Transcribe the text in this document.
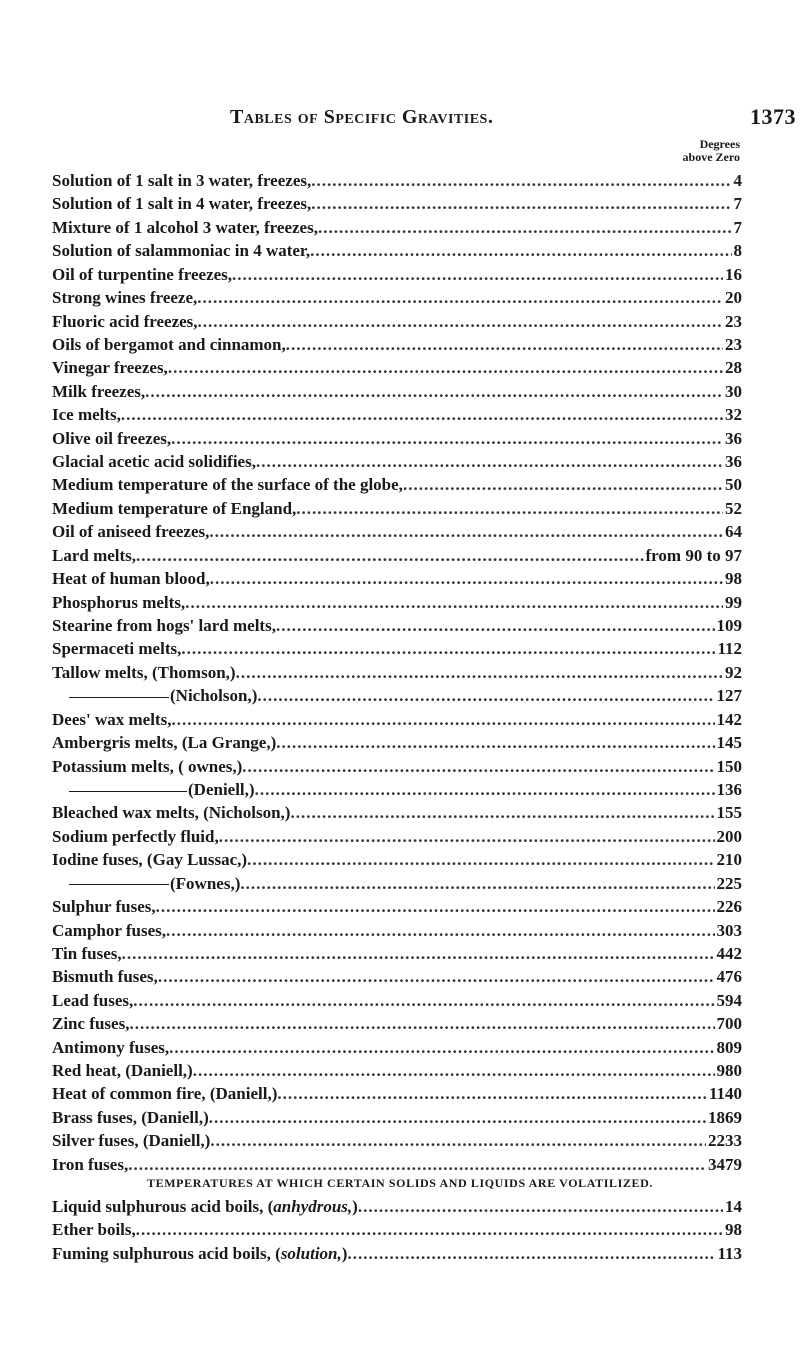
Tables of Specific Gravities.	1373
Degrees
above Zero
Solution of 1 salt in 3 water, freezes, .....	4
Solution of 1 salt in 4 water, freezes, .....	7
Mixture of 1 alcohol 3 water, freezes, .....	7
Solution of salammoniac in 4 water, .....	8
Oil of turpentine freezes, .....	16
Strong wines freeze, .....	20
Fluoric acid freezes, .....	23
Oils of bergamot and cinnamon, .....	23
Vinegar freezes, .....	28
Milk freezes, .....	30
Ice melts, .....	32
Olive oil freezes, .....	36
Glacial acetic acid solidifies, .....	36
Medium temperature of the surface of the globe, .....	50
Medium temperature of England, .....	52
Oil of aniseed freezes, .....	64
Lard melts, .....	from 90 to 97
Heat of human blood, .....	98
Phosphorus melts, .....	99
Stearine from hogs' lard melts, .....	109
Spermaceti melts, .....	112
Tallow melts, (Thomson,) .....	92
(Nicholson,) .....	127
Dees' wax melts, .....	142
Ambergris melts, (La Grange,) .....	145
Potassium melts, ( ownes,) .....	150
(Deniell,) .....	136
Bleached wax melts, (Nicholson,) .....	155
Sodium perfectly fluid, .....	200
Iodine fuses, (Gay Lussac,) .....	210
(Fownes,) .....	225
Sulphur fuses, .....	226
Camphor fuses, .....	303
Tin fuses, .....	442
Bismuth fuses, .....	476
Lead fuses, .....	594
Zinc fuses, .....	700
Antimony fuses, .....	809
Red heat, (Daniell,) .....	980
Heat of common fire, (Daniell,) .....	1140
Brass fuses, (Daniell,) .....	1869
Silver fuses, (Daniell,) .....	2233
Iron fuses, .....	3479
TEMPERATURES AT WHICH CERTAIN SOLIDS AND LIQUIDS ARE VOLATILIZED.
Liquid sulphurous acid boils, (anhydrous,) .....	14
Ether boils, .....	98
Fuming sulphurous acid boils, (solution,) .....	113
